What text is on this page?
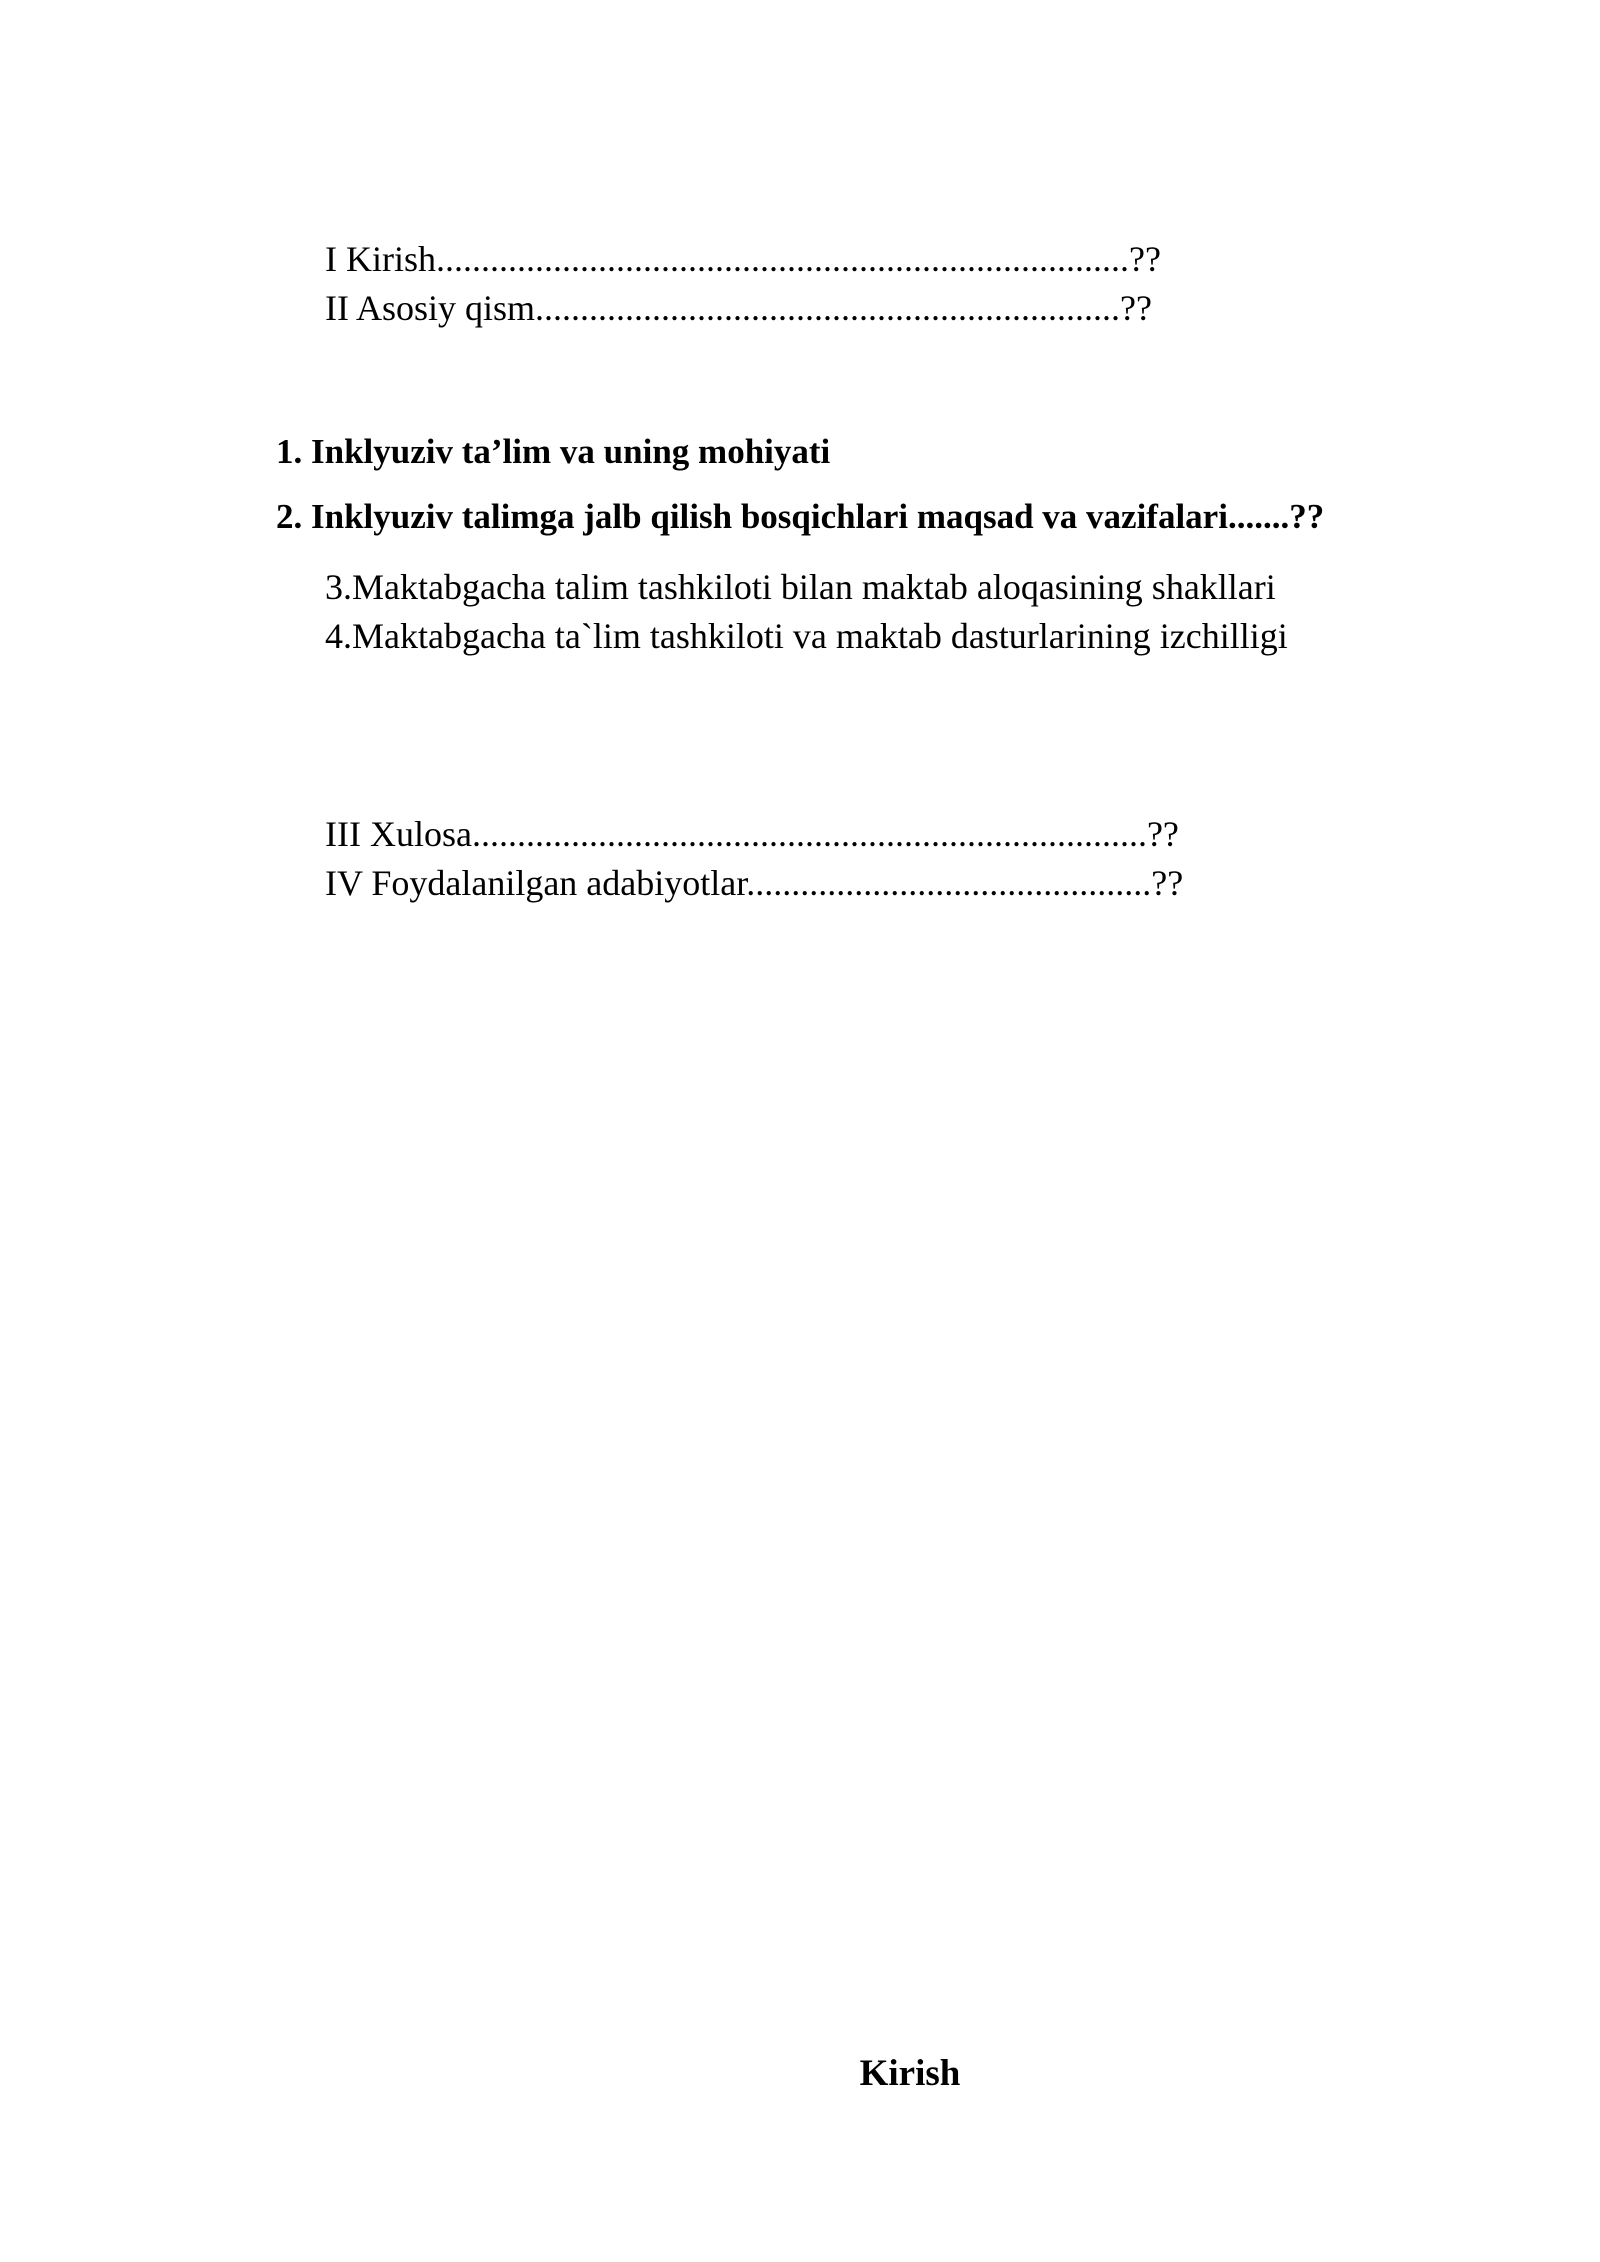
I Kirish.............................................................................??
II Asosiy qism.................................................................??
1. Inklyuziv ta’lim va uning mohiyati
2. Inklyuziv talimga jalb qilish bosqichlari maqsad va vazifalari.......??
3.Maktabgacha talim tashkiloti bilan maktab aloqasining shakllari
4.Maktabgacha ta`lim tashkiloti va maktab dasturlarining izchilligi
III Xulosa...........................................................................??
IV Foydalanilgan adabiyotlar.............................................??
Kirish
